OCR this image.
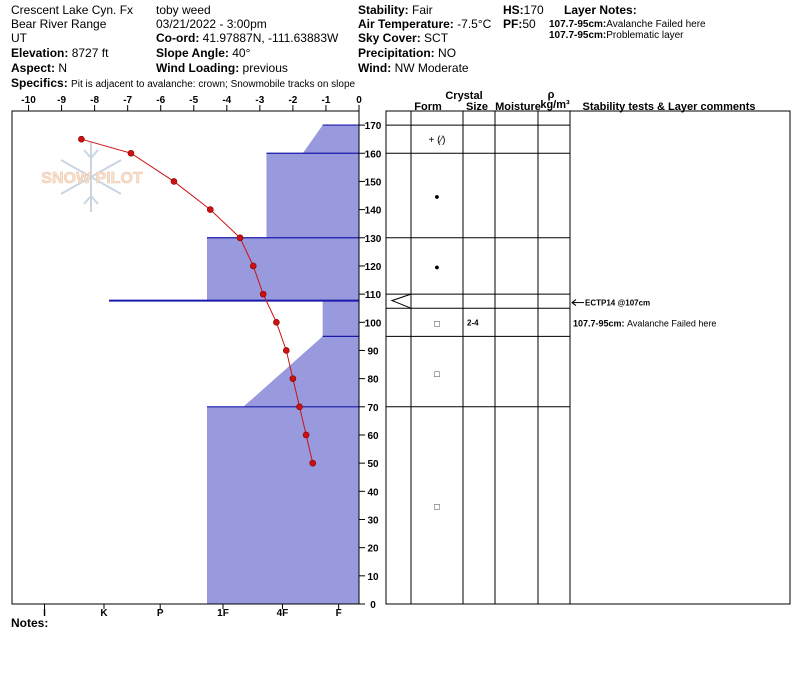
Crescent Lake Cyn. Fx
Bear River Range
UT
Elevation: 8727 ft
Aspect: N
Specifics: Pit is adjacent to avalanche: crown; Snowmobile tracks on slope
toby weed
03/21/2022 - 3:00pm
Co-ord: 41.97887N, -111.63883W
Slope Angle: 40°
Wind Loading: previous
Stability: Fair
Air Temperature: -7.5°C
Sky Cover: SCT
Precipitation: NO
Wind: NW Moderate
HS:170
PF:50
Layer Notes:
107.7-95cm:Avalanche Failed here
107.7-95cm:Problematic layer
Crystal
Form Size Moisture
ρ
kg/m³ Stability tests & Layer comments
SNOW PILOT
-10 -9 -8 -7 -6 -5 -4 -3 -2 -1	0
0
10
20
30
40
50
60
70
80
90
100
110
120
130
140
150
160
170
I	K	P	1F	4F	F
+ (⁄)
●
●
□	2-4
□
□
ECTP14 @107cm
107.7-95cm: Avalanche Failed here
Notes:
